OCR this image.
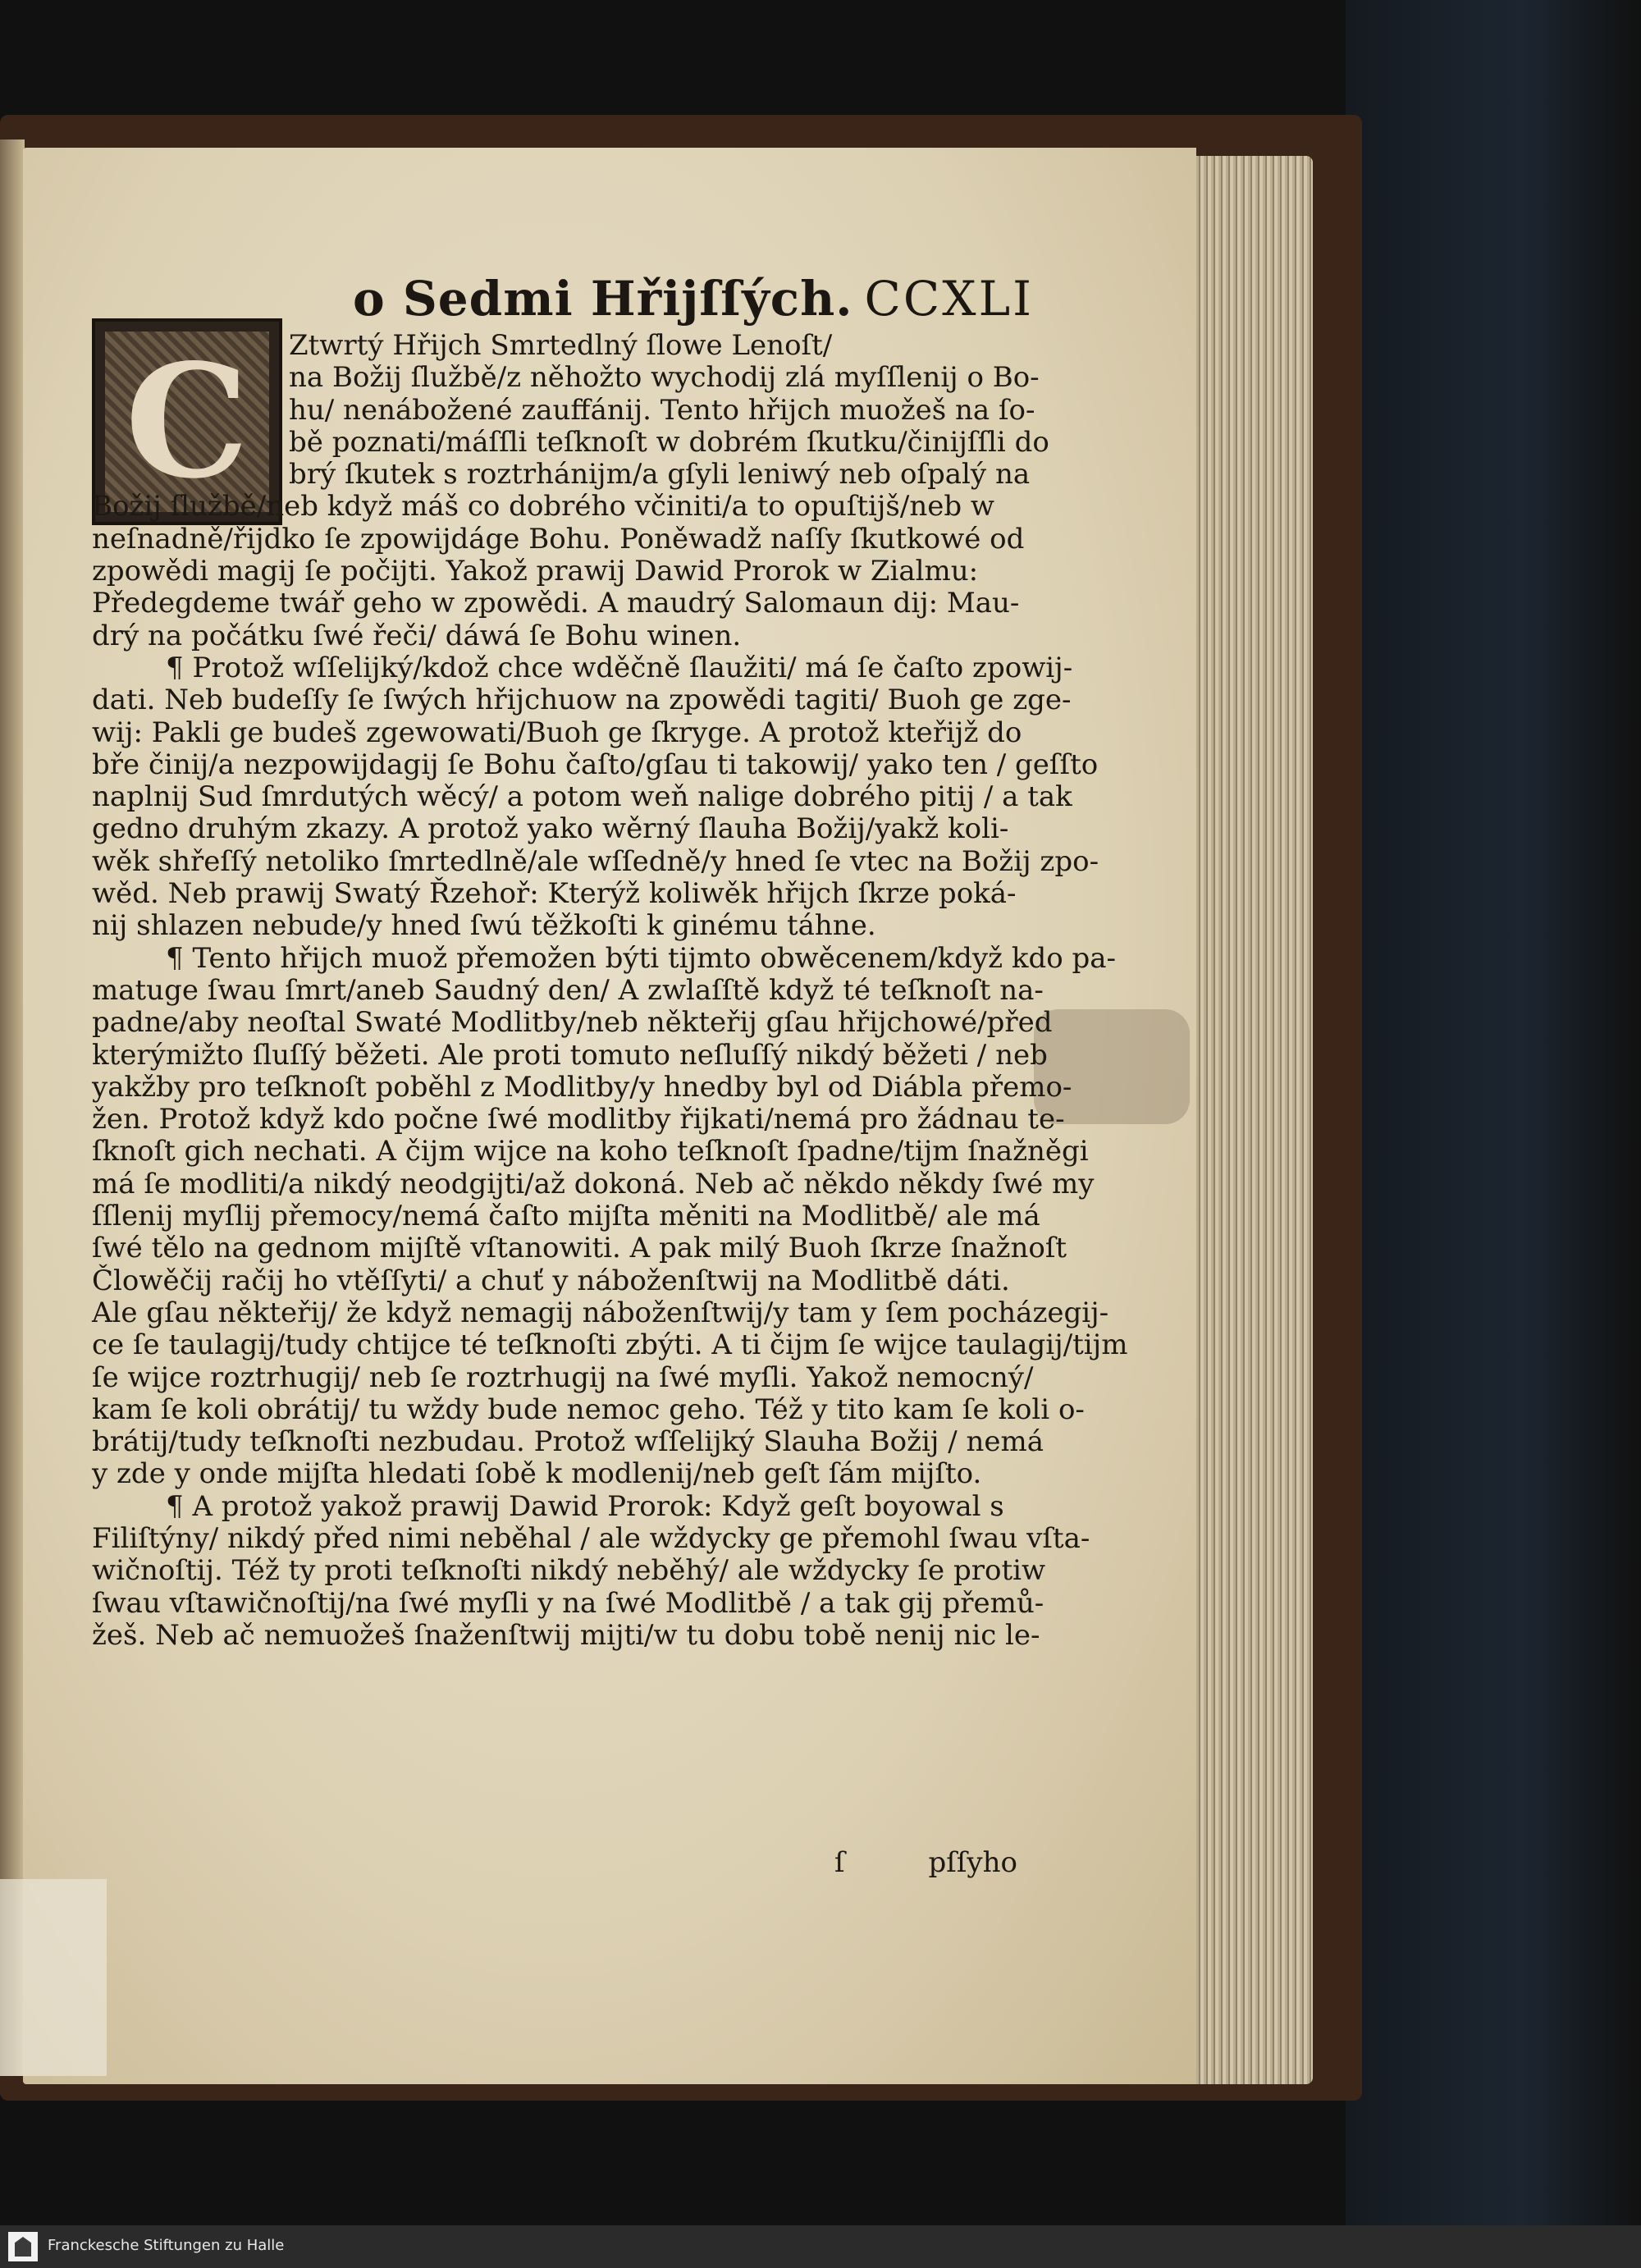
o Sedmi Hřijſſých. CCXLI
C	Ztwrtý Hřijch Smrtedlný ſlowe Lenoſt/
na Božij ſlužbě/z něhožto wychodij zlá myſſlenij o Bo-
hu/ nenábožené zauffánij. Tento hřijch muožeš na ſo-
bě poznati/máſſli teſknoſt w dobrém ſkutku/činijſſli do
brý ſkutek s roztrhánijm/a gſyli leniwý neb oſpalý na
Božij ſlužbě/neb když máš co dobrého včiniti/a to opuſtijš/neb w
neſnadně/řijdko ſe zpowijdáge Bohu. Poněwadž naſſy ſkutkowé od
zpowědi magij ſe počijti. Yakož prawij Dawid Prorok w Zialmu:
Předegdeme twář geho w zpowědi. A maudrý Salomaun dij: Mau-
drý na počátku ſwé řeči/ dáwá ſe Bohu winen.
¶ Protož wſſelijký/kdož chce wděčně ſlaužiti/ má ſe čaſto zpowij-
dati. Neb budeſſy ſe ſwých hřijchuow na zpowědi tagiti/ Buoh ge zge-
wij: Pakli ge budeš zgewowati/Buoh ge ſkryge. A protož kteřijž do
bře činij/a nezpowijdagij ſe Bohu čaſto/gſau ti takowij/ yako ten / geſſto
naplnij Sud ſmrdutých wěcý/ a potom weň nalige dobrého pitij / a tak
gedno druhým zkazy. A protož yako wěrný ſlauha Božij/yakž koli-
wěk shřeſſý netoliko ſmrtedlně/ale wſſedně/y hned ſe vtec na Božij zpo-
wěd. Neb prawij Swatý Řzehoř: Kterýž koliwěk hřijch ſkrze poká-
nij shlazen nebude/y hned ſwú těžkoſti k ginému táhne.
¶ Tento hřijch muož přemožen býti tijmto obwěcenem/když kdo pa-
matuge ſwau ſmrt/aneb Saudný den/ A zwlaſſtě když té teſknoſt na-
padne/aby neoſtal Swaté Modlitby/neb někteřij gſau hřijchowé/před
kterýmižto ſluſſý běžeti. Ale proti tomuto neſluſſý nikdý běžeti / neb
yakžby pro teſknoſt poběhl z Modlitby/y hnedby byl od Diábla přemo-
žen. Protož když kdo počne ſwé modlitby řijkati/nemá pro žádnau te-
ſknoſt gich nechati. A čijm wijce na koho teſknoſt ſpadne/tijm ſnažněgi
má ſe modliti/a nikdý neodgijti/až dokoná. Neb ač někdo někdy ſwé my
ſſlenij myſlij přemocy/nemá čaſto mijſta měniti na Modlitbě/ ale má
ſwé tělo na gednom mijſtě vſtanowiti. A pak milý Buoh ſkrze ſnažnoſt
Člowěčij račij ho vtěſſyti/ a chuť y náboženſtwij na Modlitbě dáti.
Ale gſau někteřij/ že když nemagij náboženſtwij/y tam y ſem pocházegij-
ce ſe taulagij/tudy chtijce té teſknoſti zbýti. A ti čijm ſe wijce taulagij/tijm
ſe wijce roztrhugij/ neb ſe roztrhugij na ſwé myſli. Yakož nemocný/
kam ſe koli obrátij/ tu wždy bude nemoc geho. Též y tito kam ſe koli o-
brátij/tudy teſknoſti nezbudau. Protož wſſelijký Slauha Božij / nemá
y zde y onde mijſta hledati ſobě k modlenij/neb geſt ſám mijſto.
¶ A protož yakož prawij Dawid Prorok: Když geſt boyowal s
Filiſtýny/ nikdý před nimi neběhal / ale wždycky ge přemohl ſwau vſta-
wičnoſtij. Též ty proti teſknoſti nikdý neběhý/ ale wždycky ſe protiw
ſwau vſtawičnoſtij/na ſwé myſli y na ſwé Modlitbě / a tak gij přemů-
žeš. Neb ač nemuožeš ſnaženſtwij mijti/w tu dobu tobě nenij nic le-
ſ	pſſyho
Franckesche Stiftungen zu Halle
